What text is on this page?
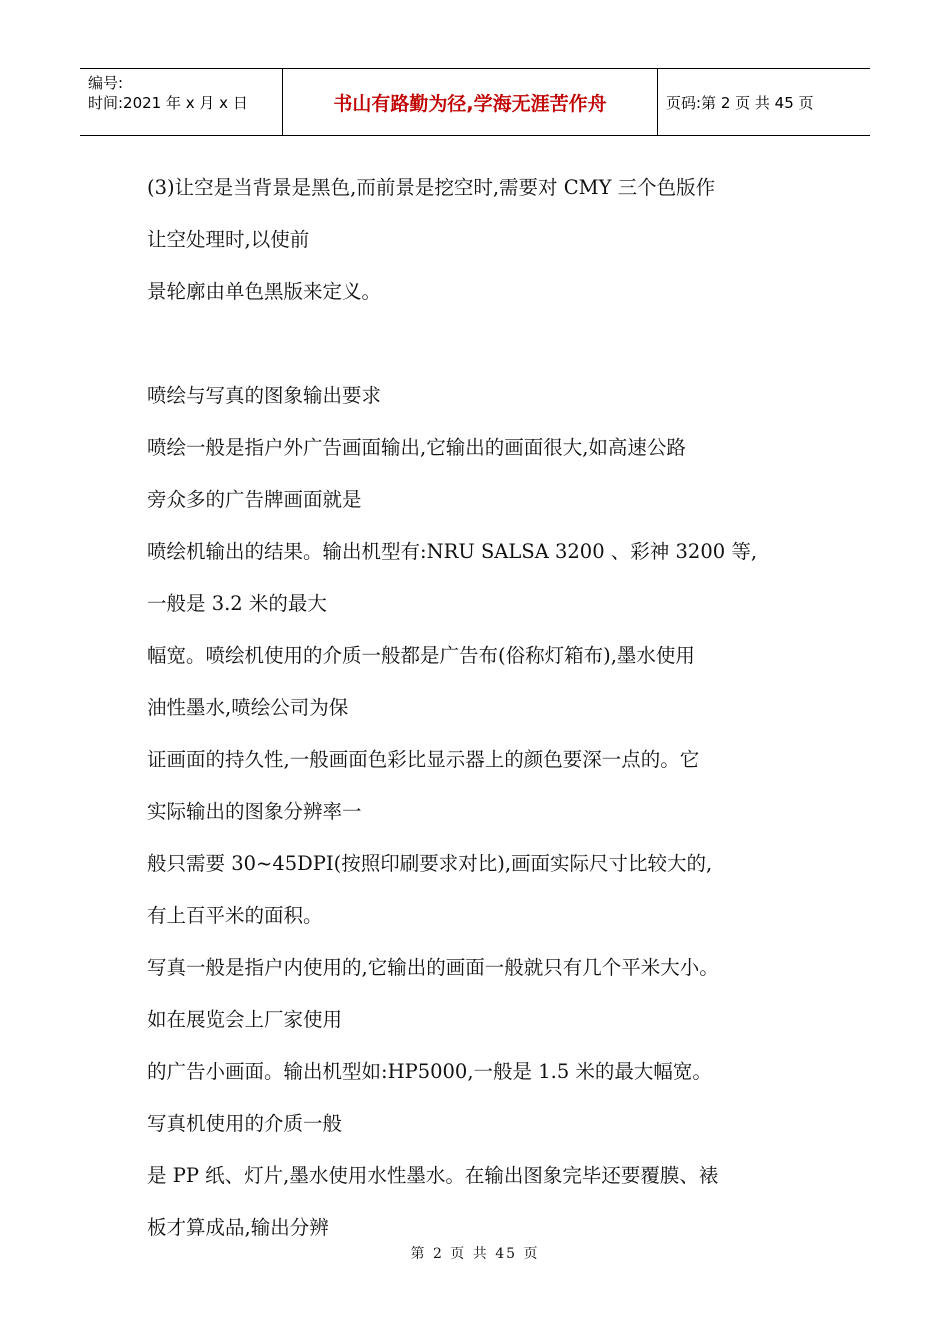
编号:
时间:2021 年 x 月 x 日	书山有路勤为径,学海无涯苦作舟	页码:第 2 页 共 45 页
(3)让空是当背景是黑色,而前景是挖空时,需要对 CMY 三个色版作
让空处理时,以使前
景轮廓由单色黑版来定义。
喷绘与写真的图象输出要求
喷绘一般是指户外广告画面输出,它输出的画面很大,如高速公路
旁众多的广告牌画面就是
喷绘机输出的结果。输出机型有:NRU SALSA 3200 、彩神 3200 等,
一般是 3.2 米的最大
幅宽。喷绘机使用的介质一般都是广告布(俗称灯箱布),墨水使用
油性墨水,喷绘公司为保
证画面的持久性,一般画面色彩比显示器上的颜色要深一点的。它
实际输出的图象分辨率一
般只需要 30~45DPI(按照印刷要求对比),画面实际尺寸比较大的,
有上百平米的面积。
写真一般是指户内使用的,它输出的画面一般就只有几个平米大小。
如在展览会上厂家使用
的广告小画面。输出机型如:HP5000,一般是 1.5 米的最大幅宽。
写真机使用的介质一般
是 PP 纸、灯片,墨水使用水性墨水。在输出图象完毕还要覆膜、裱
板才算成品,输出分辨
第 2 页 共 45 页
